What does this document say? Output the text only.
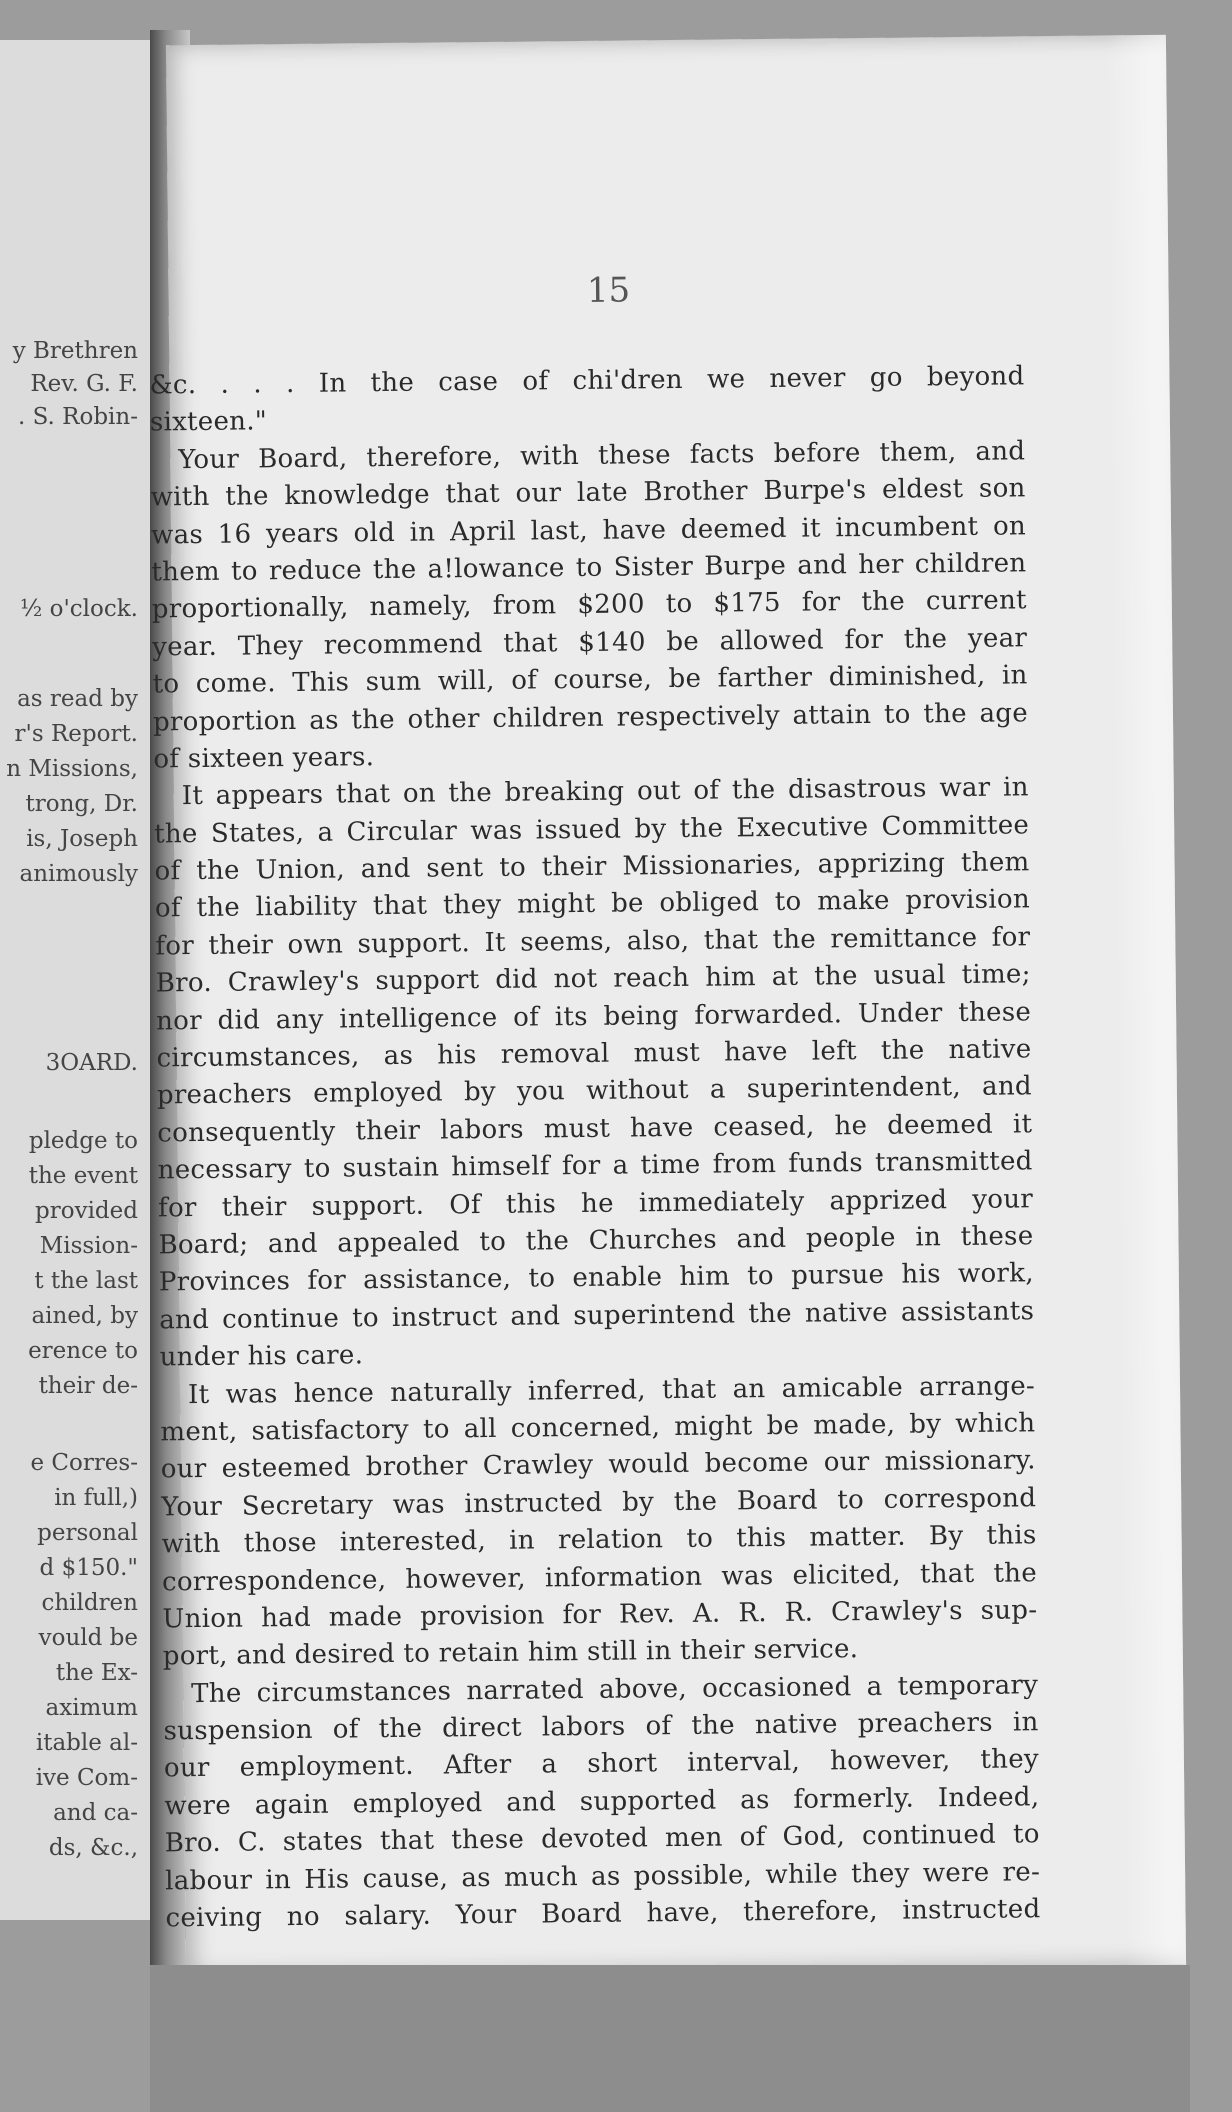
y Brethren
Rev. G. F.
. S. Robin-
½ o'clock.
as read by
r's Report.
n Missions,
trong, Dr.
is, Joseph
animously
3OARD.
pledge to
the event
provided
Mission-
t the last
ained, by
erence to
their de-
e Corres-
in full,)
personal
d $150."
children
vould be
the Ex-
aximum
itable al-
ive Com-
and ca-
ds, &c.,
15
&c. . . . In the case of chi'dren we never go beyond
sixteen."
Your Board, therefore, with these facts before them, and
with the knowledge that our late Brother Burpe's eldest son
was 16 years old in April last, have deemed it incumbent on
them to reduce the a!lowance to Sister Burpe and her children
proportionally, namely, from $200 to $175 for the current
year. They recommend that $140 be allowed for the year
to come. This sum will, of course, be farther diminished, in
proportion as the other children respectively attain to the age
of sixteen years.
It appears that on the breaking out of the disastrous war in
the States, a Circular was issued by the Executive Committee
of the Union, and sent to their Missionaries, apprizing them
of the liability that they might be obliged to make provision
for their own support. It seems, also, that the remittance for
Bro. Crawley's support did not reach him at the usual time;
nor did any intelligence of its being forwarded. Under these
circumstances, as his removal must have left the native
preachers employed by you without a superintendent, and
consequently their labors must have ceased, he deemed it
necessary to sustain himself for a time from funds transmitted
for their support. Of this he immediately apprized your
Board; and appealed to the Churches and people in these
Provinces for assistance, to enable him to pursue his work,
and continue to instruct and superintend the native assistants
under his care.
It was hence naturally inferred, that an amicable arrange-
ment, satisfactory to all concerned, might be made, by which
our esteemed brother Crawley would become our missionary.
Your Secretary was instructed by the Board to correspond
with those interested, in relation to this matter. By this
correspondence, however, information was elicited, that the
Union had made provision for Rev. A. R. R. Crawley's sup-
port, and desired to retain him still in their service.
The circumstances narrated above, occasioned a temporary
suspension of the direct labors of the native preachers in
our employment. After a short interval, however, they
were again employed and supported as formerly. Indeed,
Bro. C. states that these devoted men of God, continued to
labour in His cause, as much as possible, while they were re-
ceiving no salary. Your Board have, therefore, instructed
